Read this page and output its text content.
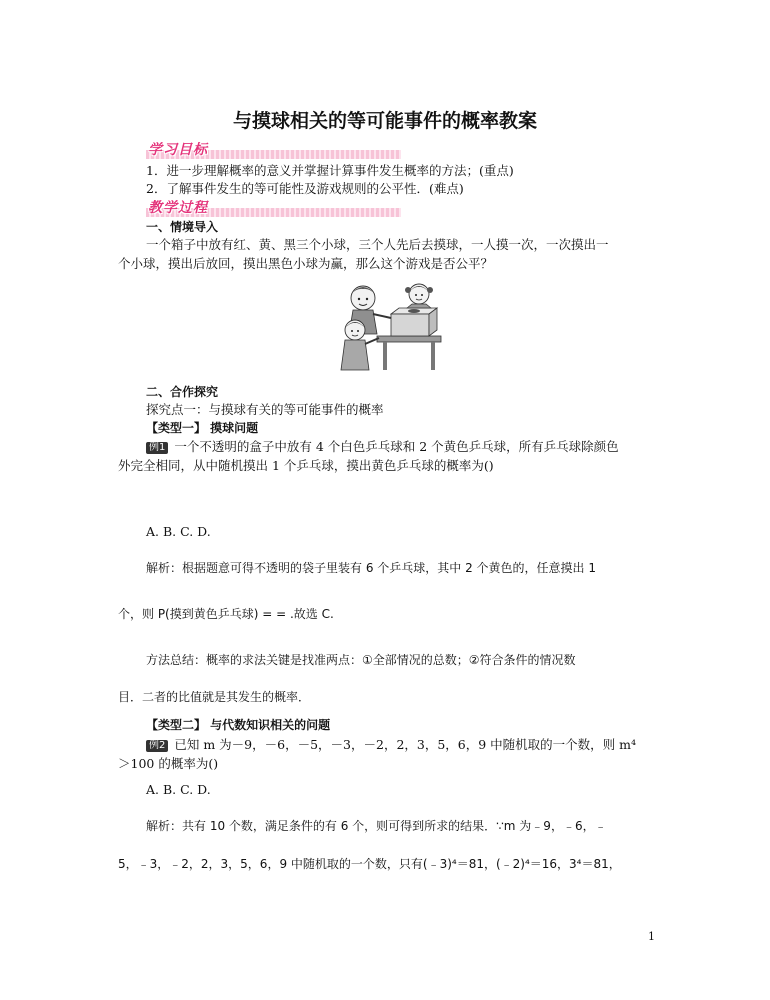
与摸球相关的等可能事件的概率教案
学习目标
1．进一步理解概率的意义并掌握计算事件发生概率的方法；(重点)
2．了解事件发生的等可能性及游戏规则的公平性．(难点)
教学过程
一、情境导入
一个箱子中放有红、黄、黑三个小球，三个人先后去摸球，一人摸一次，一次摸出一
个小球，摸出后放回，摸出黑色小球为赢，那么这个游戏是否公平？
二、合作探究
探究点一：与摸球有关的等可能事件的概率
【类型一】 摸球问题
例1 一个不透明的盒子中放有 4 个白色乒乓球和 2 个黄色乒乓球，所有乒乓球除颜色
外完全相同，从中随机摸出 1 个乒乓球，摸出黄色乒乓球的概率为()
A. B. C. D.
解析：根据题意可得不透明的袋子里装有 6 个乒乓球，其中 2 个黄色的，任意摸出 1
个，则 P(摸到黄色乒乓球) = = .故选 C.
方法总结：概率的求法关键是找准两点：①全部情况的总数；②符合条件的情况数
目．二者的比值就是其发生的概率．
【类型二】 与代数知识相关的问题
例2 已知 m 为－9，－6，－5，－3，－2，2，3，5，6，9 中随机取的一个数，则 m⁴
＞100 的概率为()
A. B. C. D.
解析：共有 10 个数，满足条件的有 6 个，则可得到所求的结果．∵m 为﹣9，﹣6，﹣
5，﹣3，﹣2，2，3，5，6，9 中随机取的一个数，只有(﹣3)⁴＝81，(﹣2)⁴＝16，3⁴＝81，
1
